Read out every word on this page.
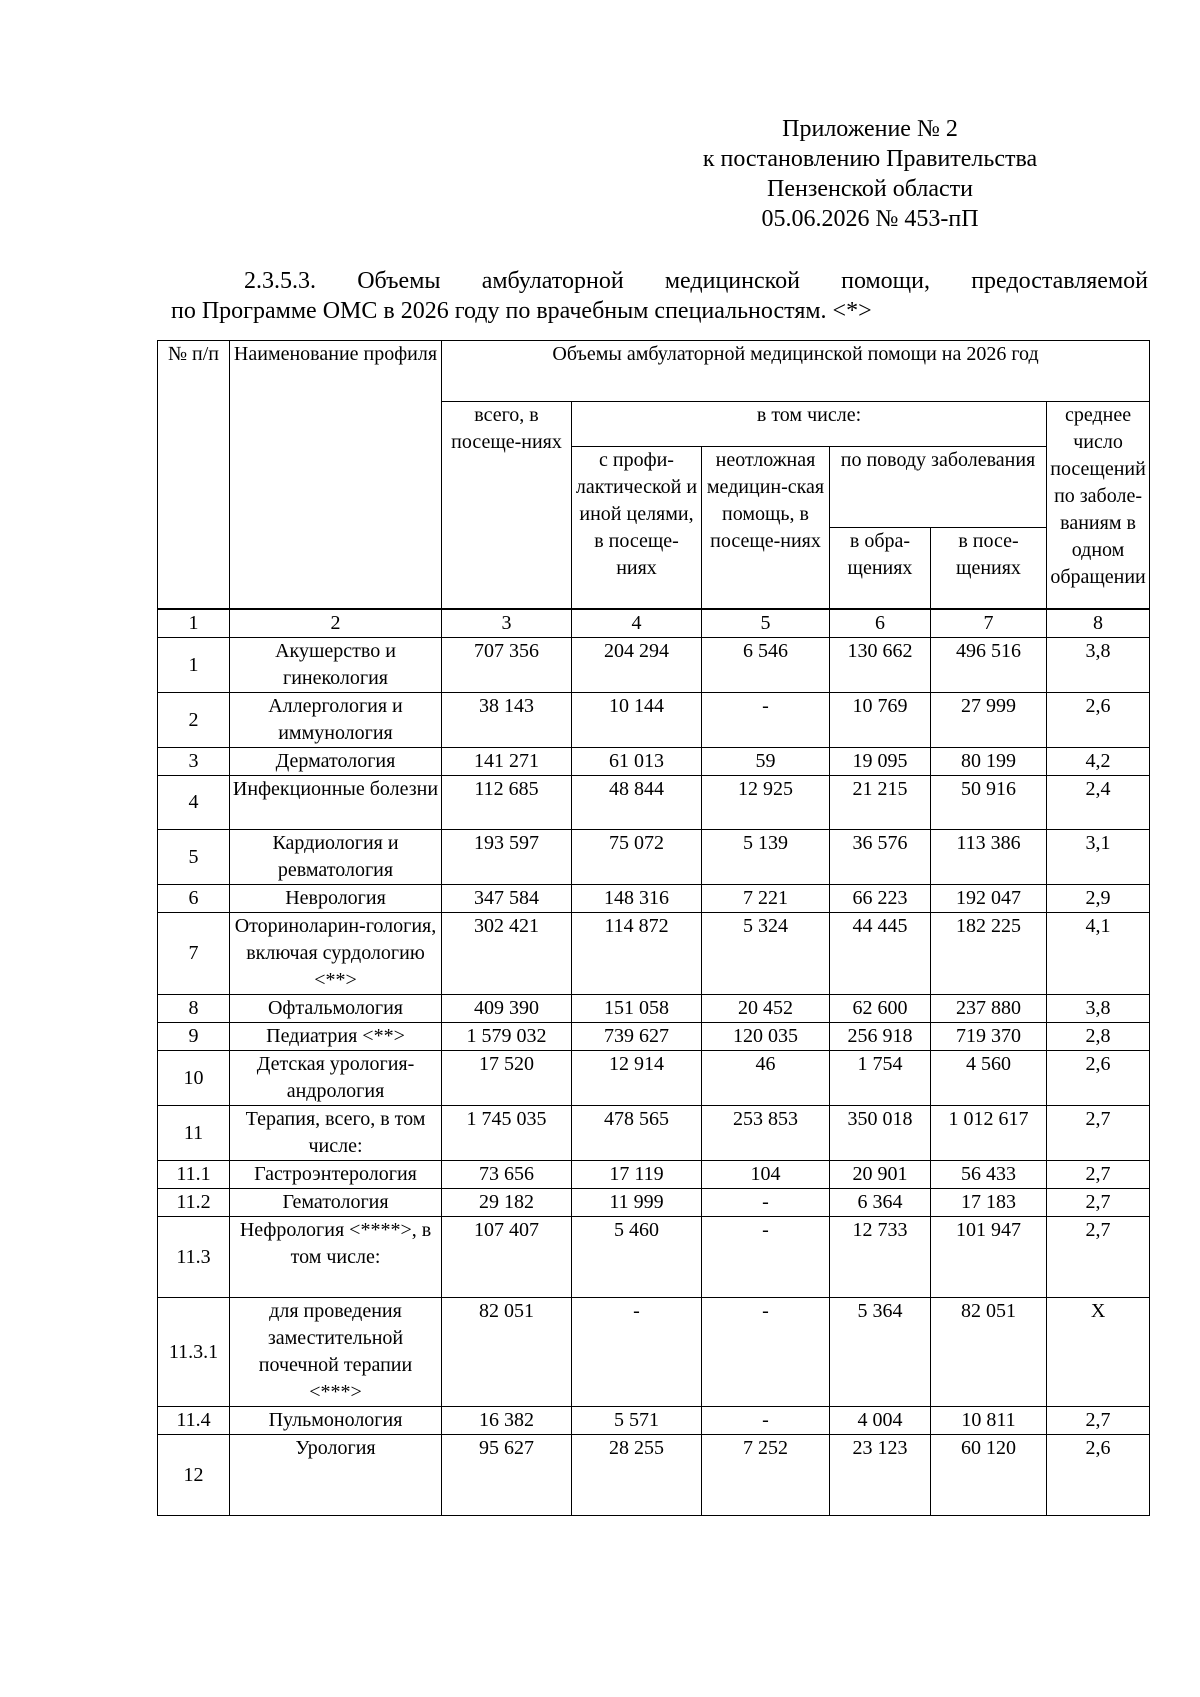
Приложение № 2
к постановлению Правительства
Пензенской области
05.06.2026 № 453-пП
2.3.5.3. Объемы амбулаторной медицинской помощи, предоставляемой
по Программе ОМС в 2026 году по врачебным специальностям. <*>
№ п/п	Наименование профиля	Объемы амбулаторной медицинской помощи на 2026 год					
		всего, в посеще-ниях	в том числе:				среднее число посещений по заболе-ваниям в одном обращении
			с профи-лактической и иной целями, в посеще-ниях	неотложная медицин-ская помощь, в посеще-ниях	по поводу заболевания		
					в обра-щениях	в посе-щениях	
1	2	3	4	5	6	7	8
1	Акушерство и гинекология	707 356	204 294	6 546	130 662	496 516	3,8
2	Аллергология и иммунология	38 143	10 144	-	10 769	27 999	2,6
3	Дерматология	141 271	61 013	59	19 095	80 199	4,2
4	Инфекционные болезни	112 685	48 844	12 925	21 215	50 916	2,4
5	Кардиология и ревматология	193 597	75 072	5 139	36 576	113 386	3,1
6	Неврология	347 584	148 316	7 221	66 223	192 047	2,9
7	Оториноларин-гология, включая сурдологию <**>	302 421	114 872	5 324	44 445	182 225	4,1
8	Офтальмология	409 390	151 058	20 452	62 600	237 880	3,8
9	Педиатрия <**>	1 579 032	739 627	120 035	256 918	719 370	2,8
10	Детская урология-андрология	17 520	12 914	46	1 754	4 560	2,6
11	Терапия, всего, в том числе:	1 745 035	478 565	253 853	350 018	1 012 617	2,7
11.1	Гастроэнтерология	73 656	17 119	104	20 901	56 433	2,7
11.2	Гематология	29 182	11 999	-	6 364	17 183	2,7
11.3	Нефрология <****>, в том числе:	107 407	5 460	-	12 733	101 947	2,7
11.3.1	для проведения заместительной почечной терапии <***>	82 051	-	-	5 364	82 051	X
11.4	Пульмонология	16 382	5 571	-	4 004	10 811	2,7
12	Урология	95 627	28 255	7 252	23 123	60 120	2,6
